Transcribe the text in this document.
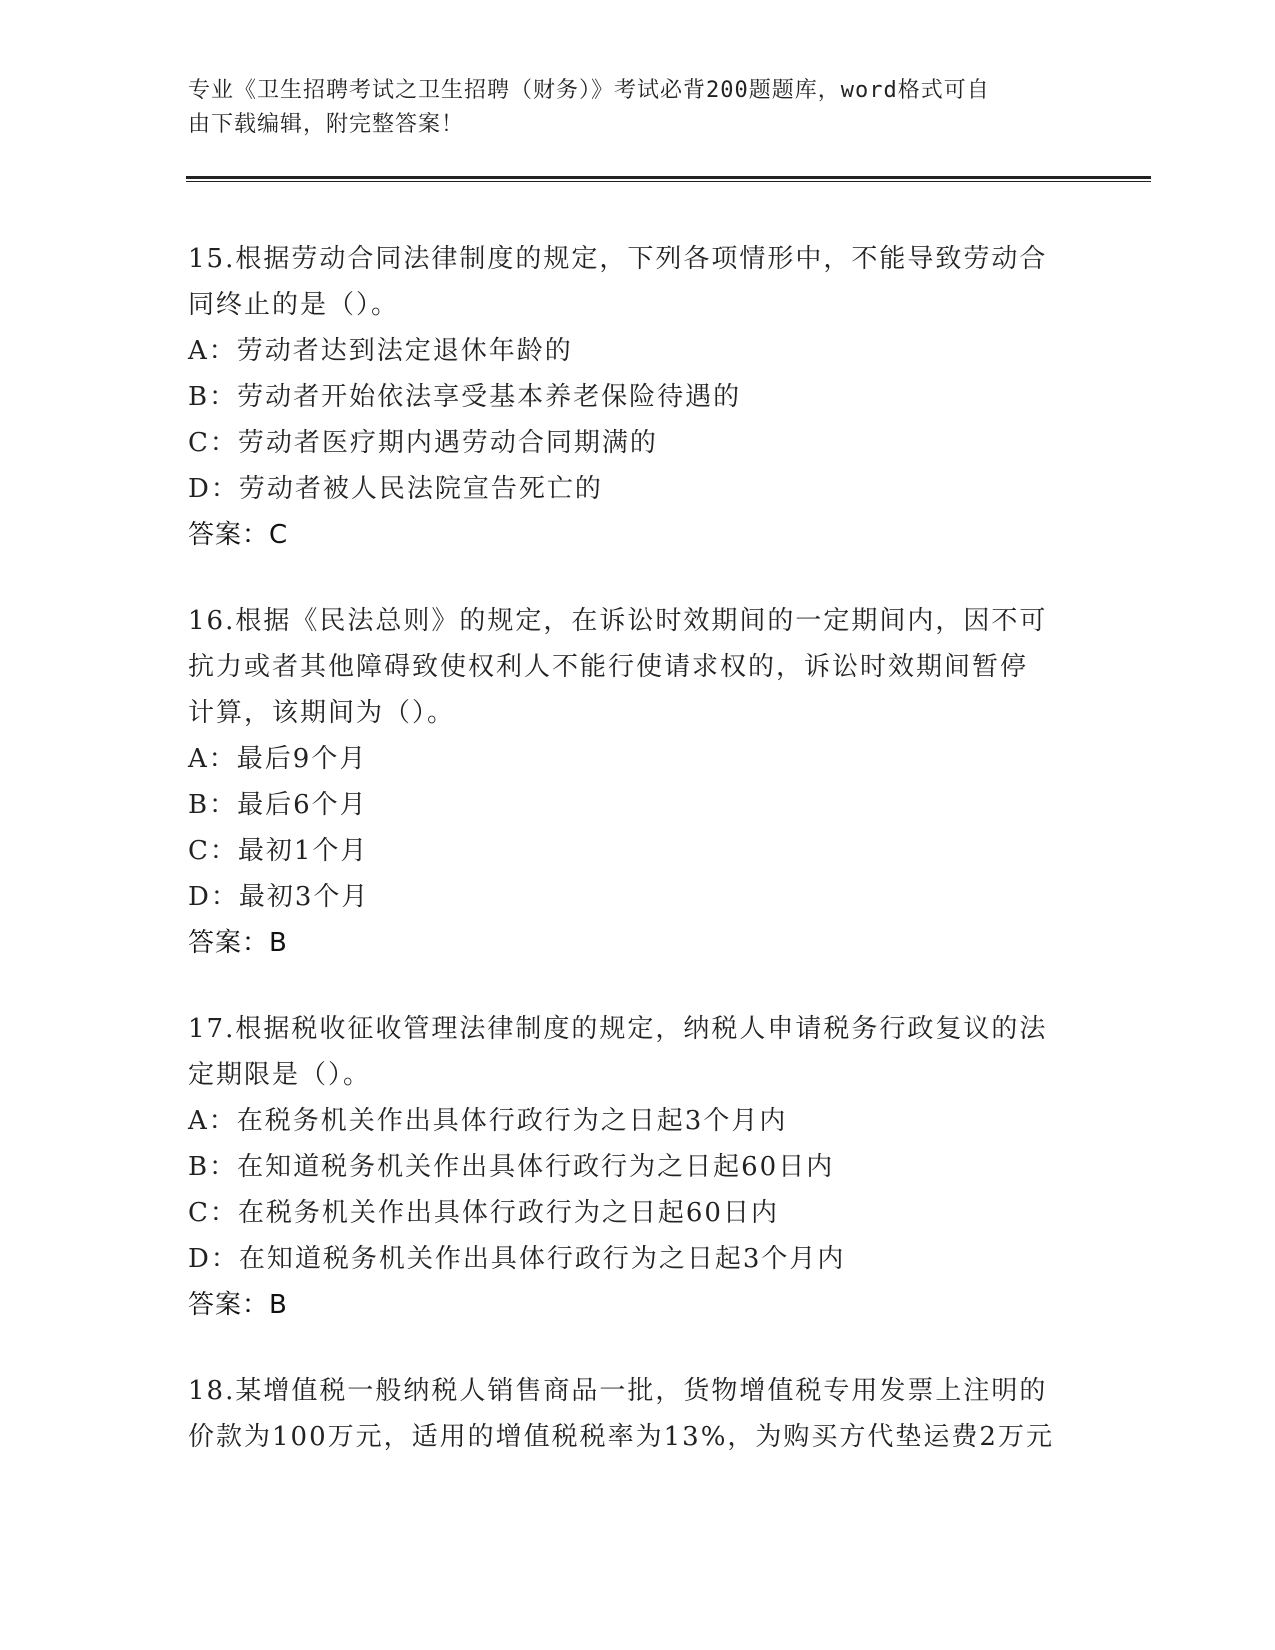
专业《卫生招聘考试之卫生招聘（财务）》考试必背200题题库，word格式可自
由下载编辑，附完整答案！

15.根据劳动合同法律制度的规定，下列各项情形中，不能导致劳动合

同终止的是（）。

A：劳动者达到法定退休年龄的

B：劳动者开始依法享受基本养老保险待遇的

C：劳动者医疗期内遇劳动合同期满的

D：劳动者被人民法院宣告死亡的

答案：C

16.根据《民法总则》的规定，在诉讼时效期间的一定期间内，因不可

抗力或者其他障碍致使权利人不能行使请求权的，诉讼时效期间暂停

计算，该期间为（）。

A：最后9个月

B：最后6个月

C：最初1个月

D：最初3个月

答案：B

17.根据税收征收管理法律制度的规定，纳税人申请税务行政复议的法

定期限是（）。

A：在税务机关作出具体行政行为之日起3个月内

B：在知道税务机关作出具体行政行为之日起60日内

C：在税务机关作出具体行政行为之日起60日内

D：在知道税务机关作出具体行政行为之日起3个月内

答案：B

18.某增值税一般纳税人销售商品一批，货物增值税专用发票上注明的

价款为100万元，适用的增值税税率为13%，为购买方代垫运费2万元
